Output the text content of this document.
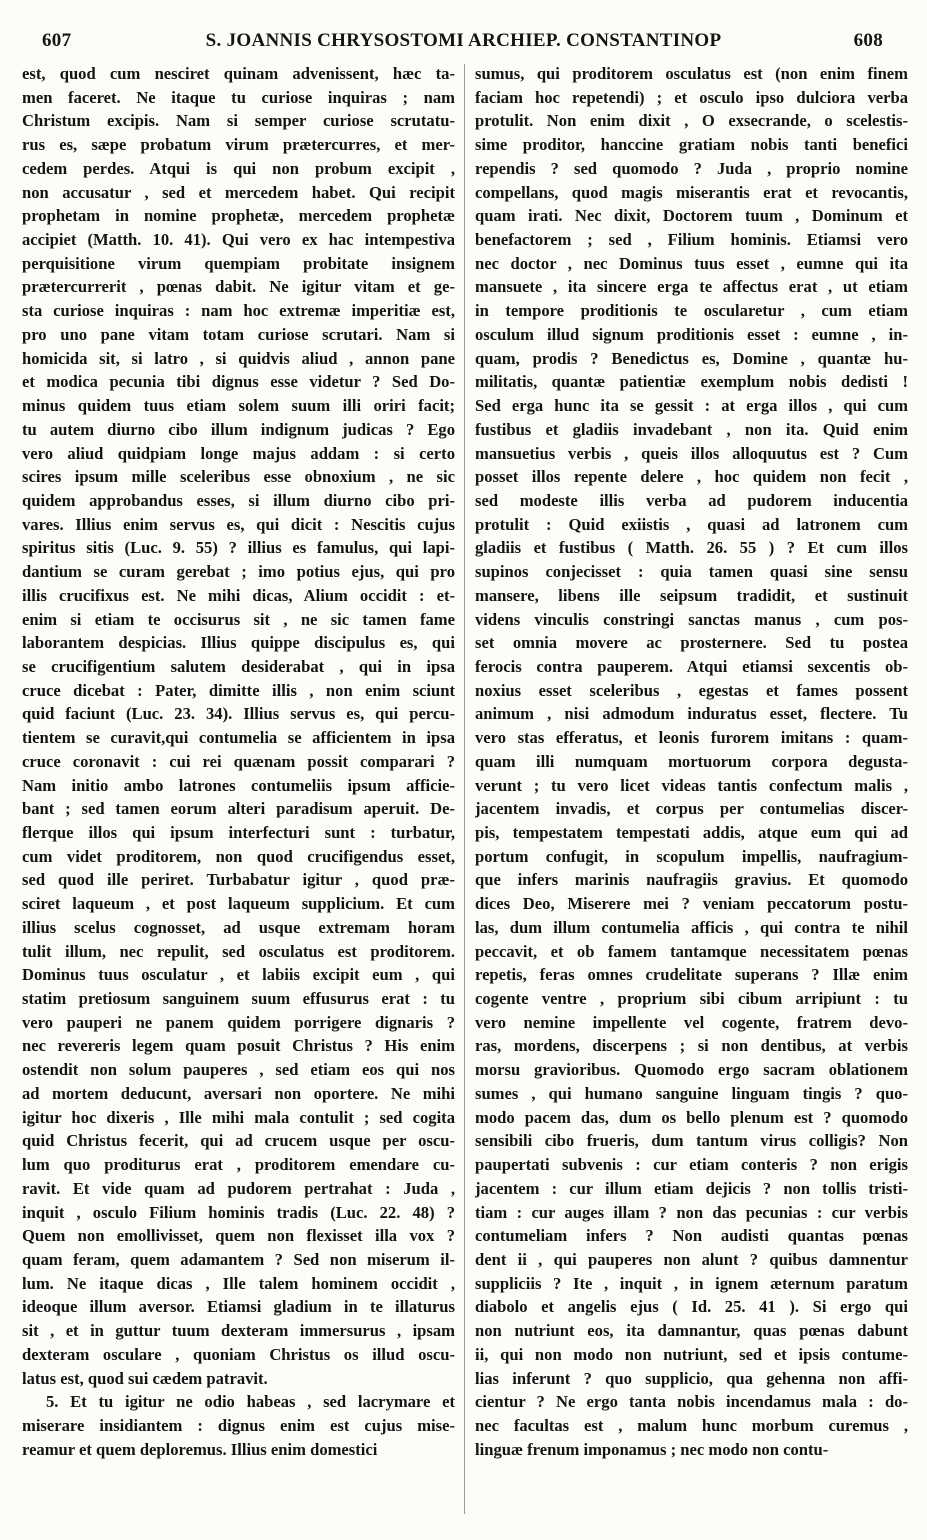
607	S. JOANNIS CHRYSOSTOMI ARCHIEP. CONSTANTINOP	608
est, quod cum nesciret quinam advenissent, hæc ta-
men faceret. Ne itaque tu curiose inquiras ; nam
Christum excipis. Nam si semper curiose scrutatu-
rus es, sæpe probatum virum prætercurres, et mer-
cedem perdes. Atqui is qui non probum excipit ,
non accusatur , sed et mercedem habet. Qui recipit
prophetam in nomine prophetæ, mercedem prophetæ
accipiet (Matth. 10. 41). Qui vero ex hac intempestiva
perquisitione virum quempiam probitate insignem
prætercurrerit , pœnas dabit. Ne igitur vitam et ge-
sta curiose inquiras : nam hoc extremæ imperitiæ est,
pro uno pane vitam totam curiose scrutari. Nam si
homicida sit, si latro , si quidvis aliud , annon pane
et modica pecunia tibi dignus esse videtur ? Sed Do-
minus quidem tuus etiam solem suum illi oriri facit;
tu autem diurno cibo illum indignum judicas ? Ego
vero aliud quidpiam longe majus addam : si certo
scires ipsum mille sceleribus esse obnoxium , ne sic
quidem approbandus esses, si illum diurno cibo pri-
vares. Illius enim servus es, qui dicit : Nescitis cujus
spiritus sitis (Luc. 9. 55) ? illius es famulus, qui lapi-
dantium se curam gerebat ; imo potius ejus, qui pro
illis crucifixus est. Ne mihi dicas, Alium occidit : et-
enim si etiam te occisurus sit , ne sic tamen fame
laborantem despicias. Illius quippe discipulus es, qui
se crucifigentium salutem desiderabat , qui in ipsa
cruce dicebat : Pater, dimitte illis , non enim sciunt
quid faciunt (Luc. 23. 34). Illius servus es, qui percu-
tientem se curavit,qui contumelia se afficientem in ipsa
cruce coronavit : cui rei quænam possit comparari ?
Nam initio ambo latrones contumeliis ipsum afficie-
bant ; sed tamen eorum alteri paradisum aperuit. De-
flетque illos qui ipsum interfecturi sunt : turbatur,
cum videt proditorem, non quod crucifigendus esset,
sed quod ille periret. Turbabatur igitur , quod præ-
sciret laqueum , et post laqueum supplicium. Et cum
illius scelus cognosset, ad usque extremam horam
tulit illum, nec repulit, sed osculatus est proditorem.
Dominus tuus osculatur , et labiis excipit eum , qui
statim pretiosum sanguinem suum effusurus erat : tu
vero pauperi ne panem quidem porrigere dignaris ?
nec revereris legem quam posuit Christus ? His enim
ostendit non solum pauperes , sed etiam eos qui nos
ad mortem deducunt, aversari non oportere. Ne mihi
igitur hoc dixeris , Ille mihi mala contulit ; sed cogita
quid Christus fecerit, qui ad crucem usque per oscu-
lum quo proditurus erat , proditorem emendare cu-
ravit. Et vide quam ad pudorem pertrahat : Juda ,
inquit , osculo Filium hominis tradis (Luc. 22. 48) ?
Quem non emollivisset, quem non flexisset illa vox ?
quam feram, quem adamantem ? Sed non miserum il-
lum. Ne itaque dicas , Ille talem hominem occidit ,
ideoque illum aversor. Etiamsi gladium in te illaturus
sit , et in guttur tuum dexteram immersurus , ipsam
dexteram osculare , quoniam Christus os illud oscu-
latus est, quod sui cædem patravit.
5. Et tu igitur ne odio habeas , sed lacrymare et
miserare insidiantem : dignus enim est cujus mise-
reamur et quem deploremus. Illius enim domestici
sumus, qui proditorem osculatus est (non enim finem
faciam hoc repetendi) ; et osculo ipso dulciora verba
protulit. Non enim dixit , O exsecrande, o scelestis-
sime proditor, hanccine gratiam nobis tanti benefici
rependis ? sed quomodo ? Juda , proprio nomine
compellans, quod magis miserantis erat et revocantis,
quam irati. Nec dixit, Doctorem tuum , Dominum et
benefactorem ; sed , Filium hominis. Etiamsi vero
nec doctor , nec Dominus tuus esset , eumne qui ita
mansuete , ita sincere erga te affectus erat , ut etiam
in tempore proditionis te oscularetur , cum etiam
osculum illud signum proditionis esset : eumne , in-
quam, prodis ? Benedictus es, Domine , quantæ hu-
militatis, quantæ patientiæ exemplum nobis dedisti !
Sed erga hunc ita se gessit : at erga illos , qui cum
fustibus et gladiis invadebant , non ita. Quid enim
mansuetius verbis , queis illos alloquutus est ? Cum
posset illos repente delere , hoc quidem non fecit ,
sed modeste illis verba ad pudorem inducentia
protulit : Quid exiistis , quasi ad latronem cum
gladiis et fustibus ( Matth. 26. 55 ) ? Et cum illos
supinos conjecisset : quia tamen quasi sine sensu
mansere, libens ille seipsum tradidit, et sustinuit
videns vinculis constringi sanctas manus , cum pos-
set omnia movere ac prosternere. Sed tu postea
ferocis contra pauperem. Atqui etiamsi sexcentis ob-
noxius esset sceleribus , egestas et fames possent
animum , nisi admodum induratus esset, flectere. Tu
vero stas efferatus, et leonis furorem imitans : quam-
quam illi numquam mortuorum corpora degusta-
verunt ; tu vero licet videas tantis confectum malis ,
jacentem invadis, et corpus per contumelias discer-
pis, tempestatem tempestati addis, atque eum qui ad
portum confugit, in scopulum impellis, naufragium-
que infers marinis naufragiis gravius. Et quomodo
dices Deo, Miserere mei ? veniam peccatorum postu-
las, dum illum contumelia afficis , qui contra te nihil
peccavit, et ob famem tantamque necessitatem pœnas
repetis, feras omnes crudelitate superans ? Illæ enim
cogente ventre , proprium sibi cibum arripiunt : tu
vero nemine impellente vel cogente, fratrem devo-
ras, mordens, discerpens ; si non dentibus, at verbis
morsu gravioribus. Quomodo ergo sacram oblationem
sumes , qui humano sanguine linguam tingis ? quo-
modo pacem das, dum os bello plenum est ? quomodo
sensibili cibo frueris, dum tantum virus colligis? Non
paupertati subvenis : cur etiam conteris ? non erigis
jacentem : cur illum etiam dejicis ? non tollis tristi-
tiam : cur auges illam ? non das pecunias : cur verbis
contumeliam infers ? Non audisti quantas pœnas
dent ii , qui pauperes non alunt ? quibus damnentur
suppliciis ? Ite , inquit , in ignem æternum paratum
diabolo et angelis ejus ( Id. 25. 41 ). Si ergo qui
non nutriunt eos, ita damnantur, quas pœnas dabunt
ii, qui non modo non nutriunt, sed et ipsis contume-
lias inferunt ? quo supplicio, qua gehenna non affi-
cientur ? Ne ergo tanta nobis incendamus mala : do-
nec facultas est , malum hunc morbum curemus ,
linguæ frenum imponamus ; nec modo non contu-
